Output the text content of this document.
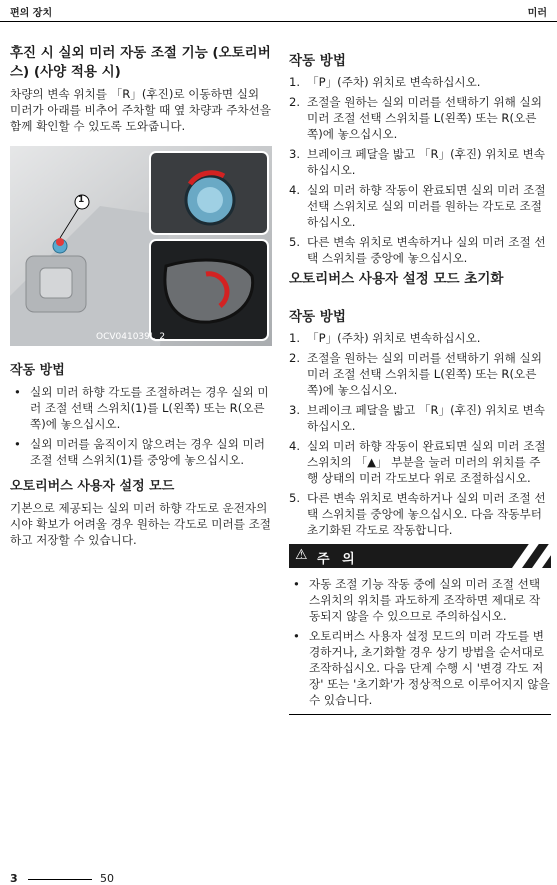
편의 장치	미러
후진 시 실외 미러 자동 조절 기능 (오토리버스) (사양 적용 시)

차량의 변속 위치를 「R」(후진)로 이동하면 실외 미러가 아래를 비추어 주차할 때 옆 차량과 주차선을 함께 확인할 수 있도록 도와줍니다.

1
OCV041039L_2
작동 방법
• 실외 미러 하향 각도를 조절하려는 경우 실외 미러 조절 선택 스위치(1)를 L(왼쪽) 또는 R(오른쪽)에 놓으십시오.
• 실외 미러를 움직이지 않으려는 경우 실외 미러 조절 선택 스위치(1)를 중앙에 놓으십시오.
오토리버스 사용자 설정 모드

기본으로 제공되는 실외 미러 하향 각도로 운전자의 시야 확보가 어려울 경우 원하는 각도로 미러를 조절하고 저장할 수 있습니다.

작동 방법
1. 「P」(주차) 위치로 변속하십시오.
2. 조절을 원하는 실외 미러를 선택하기 위해 실외 미러 조절 선택 스위치를 L(왼쪽) 또는 R(오른쪽)에 놓으십시오.
3. 브레이크 페달을 밟고 「R」(후진) 위치로 변속하십시오.
4. 실외 미러 하향 작동이 완료되면 실외 미러 조절 선택 스위치로 실외 미러를 원하는 각도로 조절하십시오.
5. 다른 변속 위치로 변속하거나 실외 미러 조절 선택 스위치를 중앙에 놓으십시오.
오토리버스 사용자 설정 모드 초기화
작동 방법
1. 「P」(주차) 위치로 변속하십시오.
2. 조절을 원하는 실외 미러를 선택하기 위해 실외 미러 조절 선택 스위치를 L(왼쪽) 또는 R(오른쪽)에 놓으십시오.
3. 브레이크 페달을 밟고 「R」(후진) 위치로 변속하십시오.
4. 실외 미러 하향 작동이 완료되면 실외 미러 조절 스위치의 「▲」 부분을 눌러 미러의 위치를 주행 상태의 미러 각도보다 위로 조절하십시오.
5. 다른 변속 위치로 변속하거나 실외 미러 조절 선택 스위치를 중앙에 놓으십시오. 다음 작동부터 초기화된 각도로 작동합니다.
⚠ 주 의
• 자동 조절 기능 작동 중에 실외 미러 조절 선택 스위치의 위치를 과도하게 조작하면 제대로 작동되지 않을 수 있으므로 주의하십시오.
• 오토리버스 사용자 설정 모드의 미러 각도를 변경하거나, 초기화할 경우 상기 방법을 순서대로 조작하십시오. 다음 단계 수행 시 '변경 각도 저장' 또는 '초기화'가 정상적으로 이루어지지 않을 수 있습니다.
3	50
